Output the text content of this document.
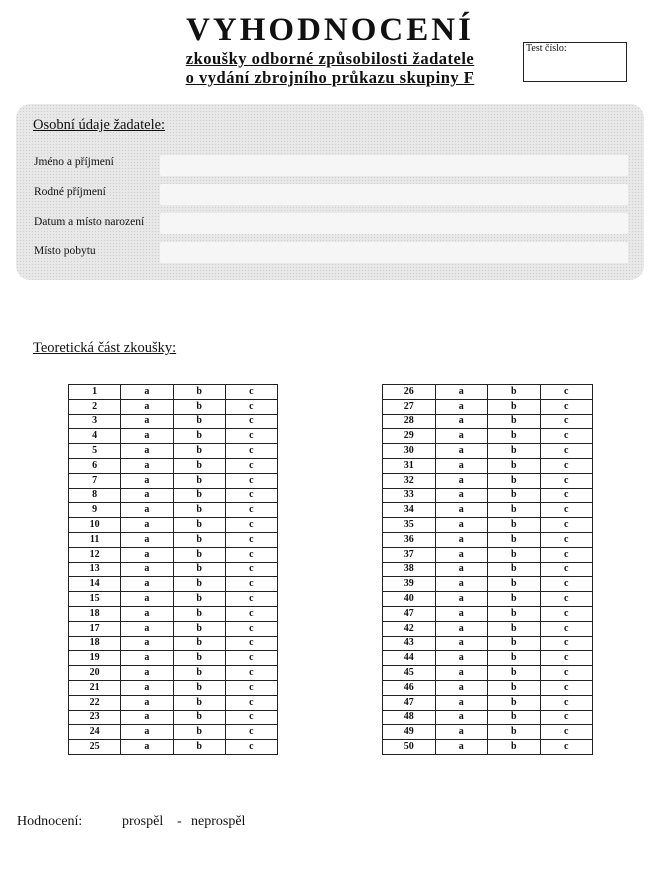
VYHODNOCENÍ
zkoušky odborné způsobilosti žadatele
o vydání zbrojního průkazu skupiny F
Test číslo:
Osobní údaje žadatele:
Jméno a příjmení
Rodné příjmení
Datum a místo narození
Místo pobytu
Teoretická část zkoušky:
1	a	b	c
2	a	b	c
3	a	b	c
4	a	b	c
5	a	b	c
6	a	b	c
7	a	b	c
8	a	b	c
9	a	b	c
10	a	b	c
11	a	b	c
12	a	b	c
13	a	b	c
14	a	b	c
15	a	b	c
18	a	b	c
17	a	b	c
18	a	b	c
19	a	b	c
20	a	b	c
21	a	b	c
22	a	b	c
23	a	b	c
24	a	b	c
25	a	b	c
26	a	b	c
27	a	b	c
28	a	b	c
29	a	b	c
30	a	b	c
31	a	b	c
32	a	b	c
33	a	b	c
34	a	b	c
35	a	b	c
36	a	b	c
37	a	b	c
38	a	b	c
39	a	b	c
40	a	b	c
47	a	b	c
42	a	b	c
43	a	b	c
44	a	b	c
45	a	b	c
46	a	b	c
47	a	b	c
48	a	b	c
49	a	b	c
50	a	b	c
Hodnocení:	prospěl - neprospěl
